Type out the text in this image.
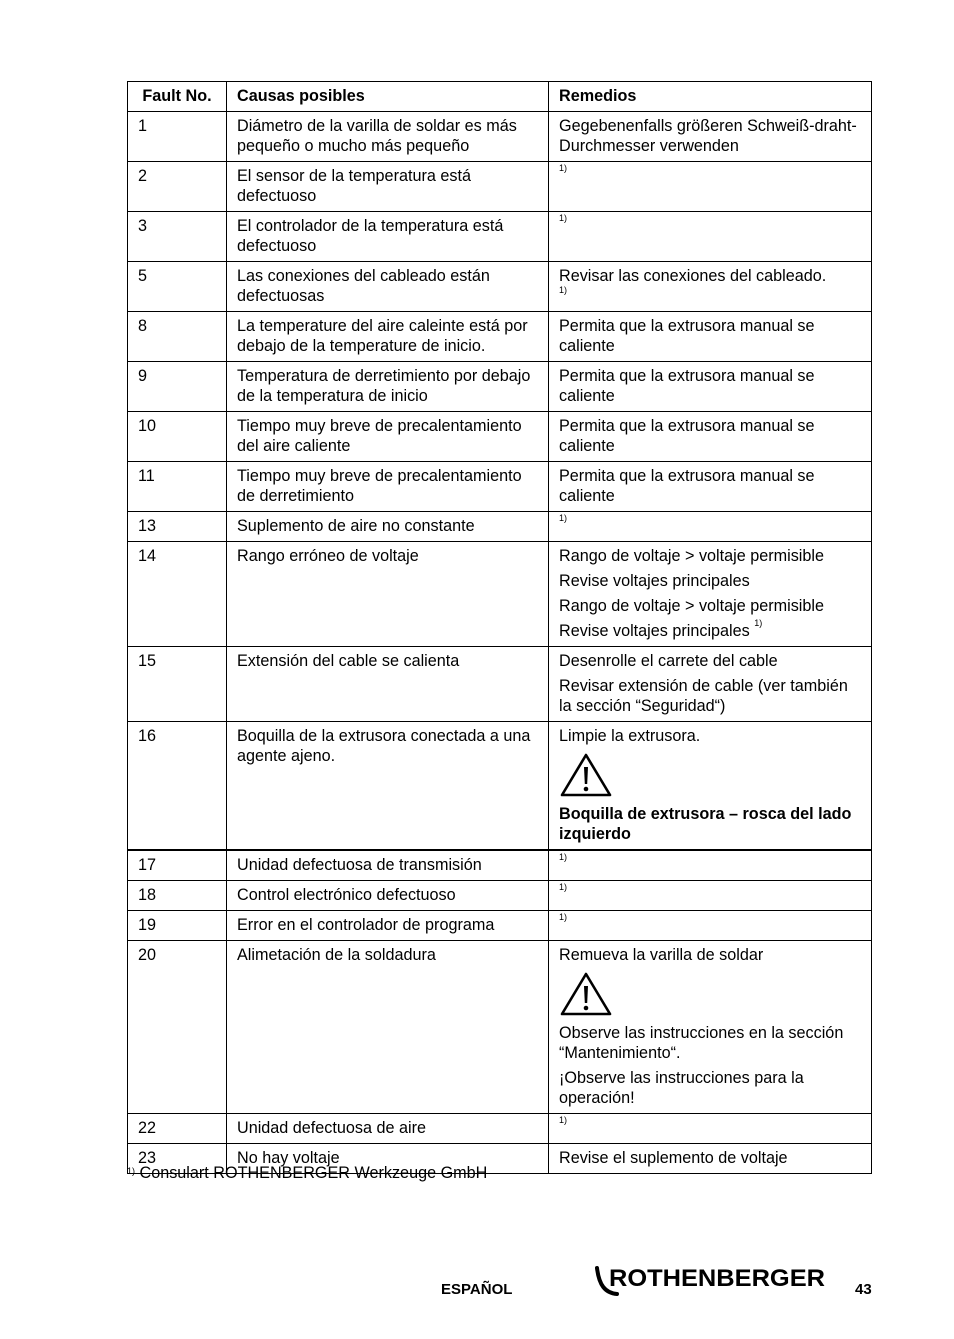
Fault No.	Causas posibles	Remedios
1	Diámetro de la varilla de soldar es más pequeño o mucho más pequeño	Gegebenenfalls größeren Schweiß-draht-Durchmesser verwenden

2	El sensor de la temperatura está defectuoso	$^{1)}$
3	El controlador de la temperatura está defectuoso	$^{1)}$
5	Las conexiones del cableado están defectuosas	Revisar las conexiones del cableado.
1)

8	La temperature del aire caleinte está por debajo de la temperature de inicio.	Permita que la extrusora manual se caliente

9	Temperatura de derretimiento por debajo de la temperatura de inicio	Permita que la extrusora manual se caliente

10	Tiempo muy breve de precalentamiento del aire caliente	Permita que la extrusora manual se caliente

11	Tiempo muy breve de precalentamiento de derretimiento	Permita que la extrusora manual se caliente

13	Suplemento de aire no constante	$^{1)}$
14	Rango erróneo de voltaje	Rango de voltaje > voltaje permisible
Revise voltajes principales
Rango de voltaje > voltaje permisible
Revise voltajes principales $^{1)}$

15	Extensión del cable se calienta	Desenrolle el carrete del cable
Revisar extensión de cable (ver también la sección “Seguridad“)

16	Boquilla de la extrusora conectada a una agente ajeno.	Limpie la extrusora.
Boquilla de extrusora – rosca del lado izquierdo

17	Unidad defectuosa de transmisión	$^{1)}$
18	Control electrónico defectuoso	$^{1)}$
19	Error en el controlador de programa	$^{1)}$
20	Alimetación de la soldadura	Remueva la varilla de soldar
Observe las instrucciones en la sección “Mantenimiento“.
¡Observe las instrucciones para la operación!

22	Unidad defectuosa de aire	$^{1)}$
23	No hay voltaje	Revise el suplemento de voltaje
$^{1)}$ Consulart ROTHENBERGER Werkzeuge GmbH
ESPAÑOL	ROTHENBERGER 43
